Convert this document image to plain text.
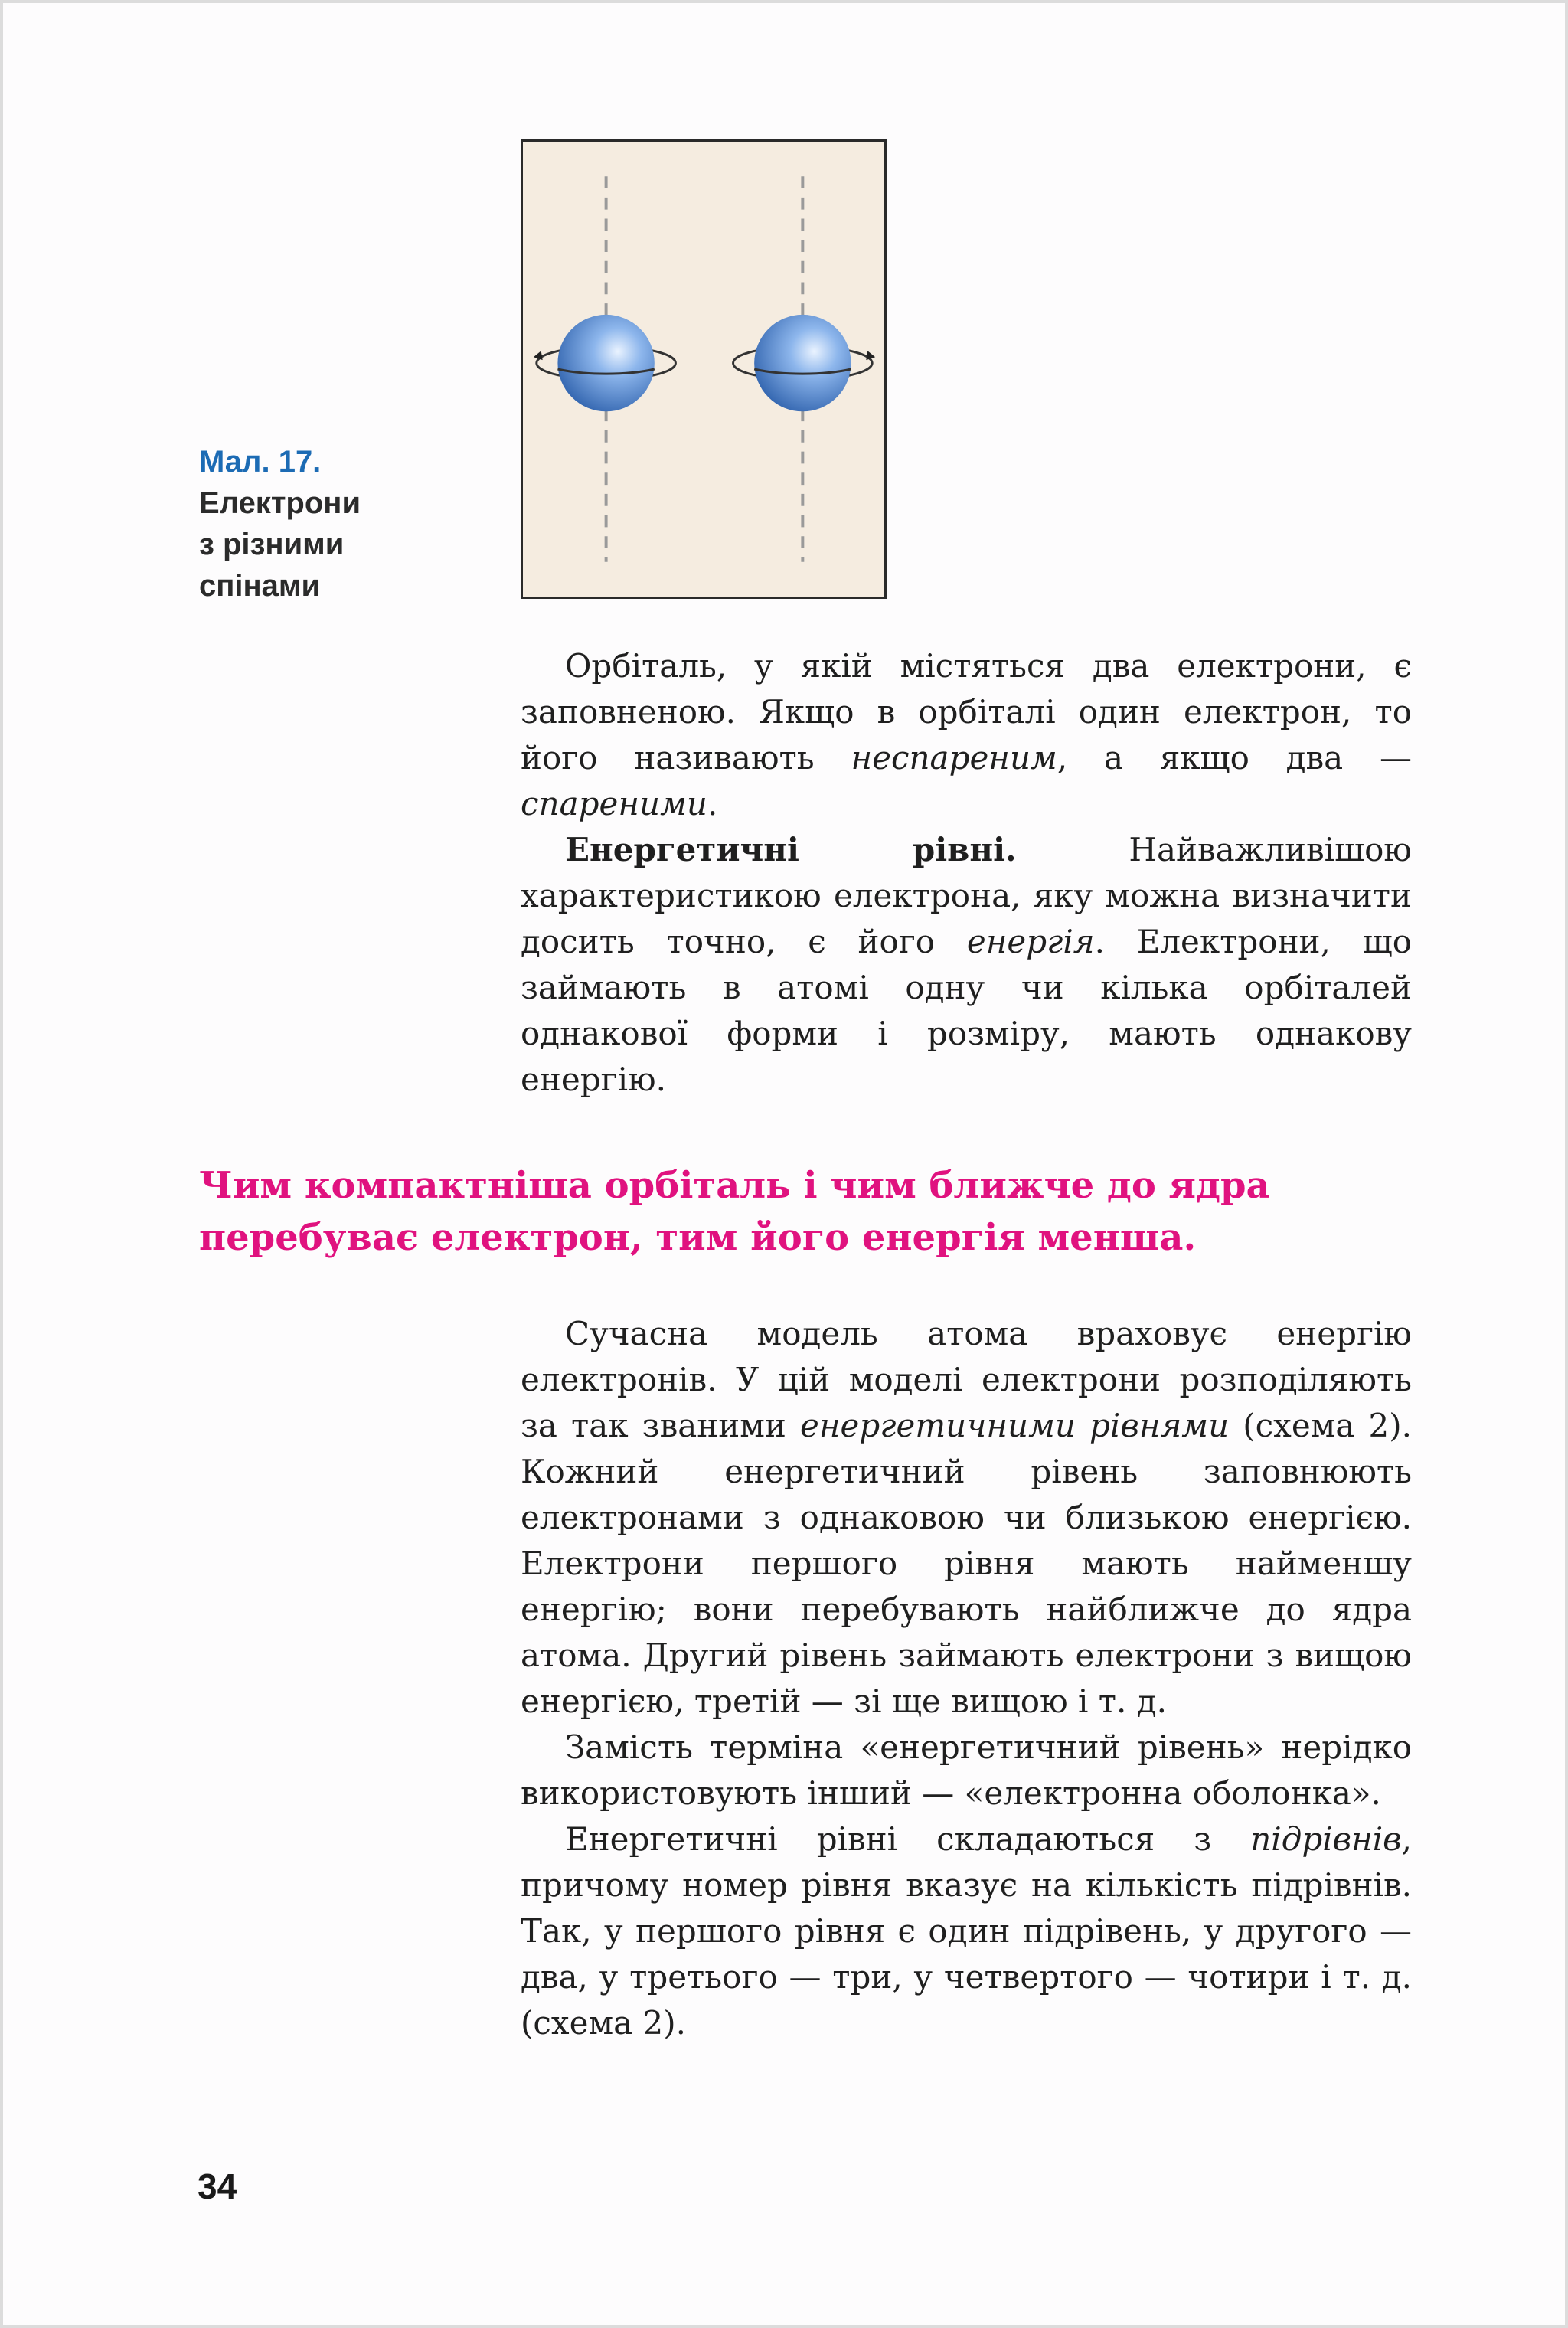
Мал. 17.
Електрони
з різними
спінами

Орбіталь, у якій містяться два електрони, є заповненою. Якщо в орбіталі один електрон, то його називають неспареним, а якщо два — спареними.

Енергетичні рівні. Найважливішою характеристикою електрона, яку можна визначити досить точно, є його енергія. Електрони, що займають в атомі одну чи кілька орбіталей однакової форми і розміру, мають однакову енергію.

Чим компактніша орбіталь і чим ближче до ядра перебуває електрон, тим його енергія менша.

Сучасна модель атома враховує енергію електронів. У цій моделі електрони розподіляють за так званими енергетичними рівнями (схема 2). Кожний енергетичний рівень заповнюють електронами з однаковою чи близькою енергією. Електрони першого рівня мають найменшу енергію; вони перебувають найближче до ядра атома. Другий рівень займають електрони з вищою енергією, третій — зі ще вищою і т. д.

Замість терміна «енергетичний рівень» нерідко використовують інший — «електронна оболонка».

Енергетичні рівні складаються з підрівнів, причому номер рівня вказує на кількість підрівнів. Так, у першого рівня є один підрівень, у другого — два, у третього — три, у четвертого — чотири і т. д. (схема 2).

34
